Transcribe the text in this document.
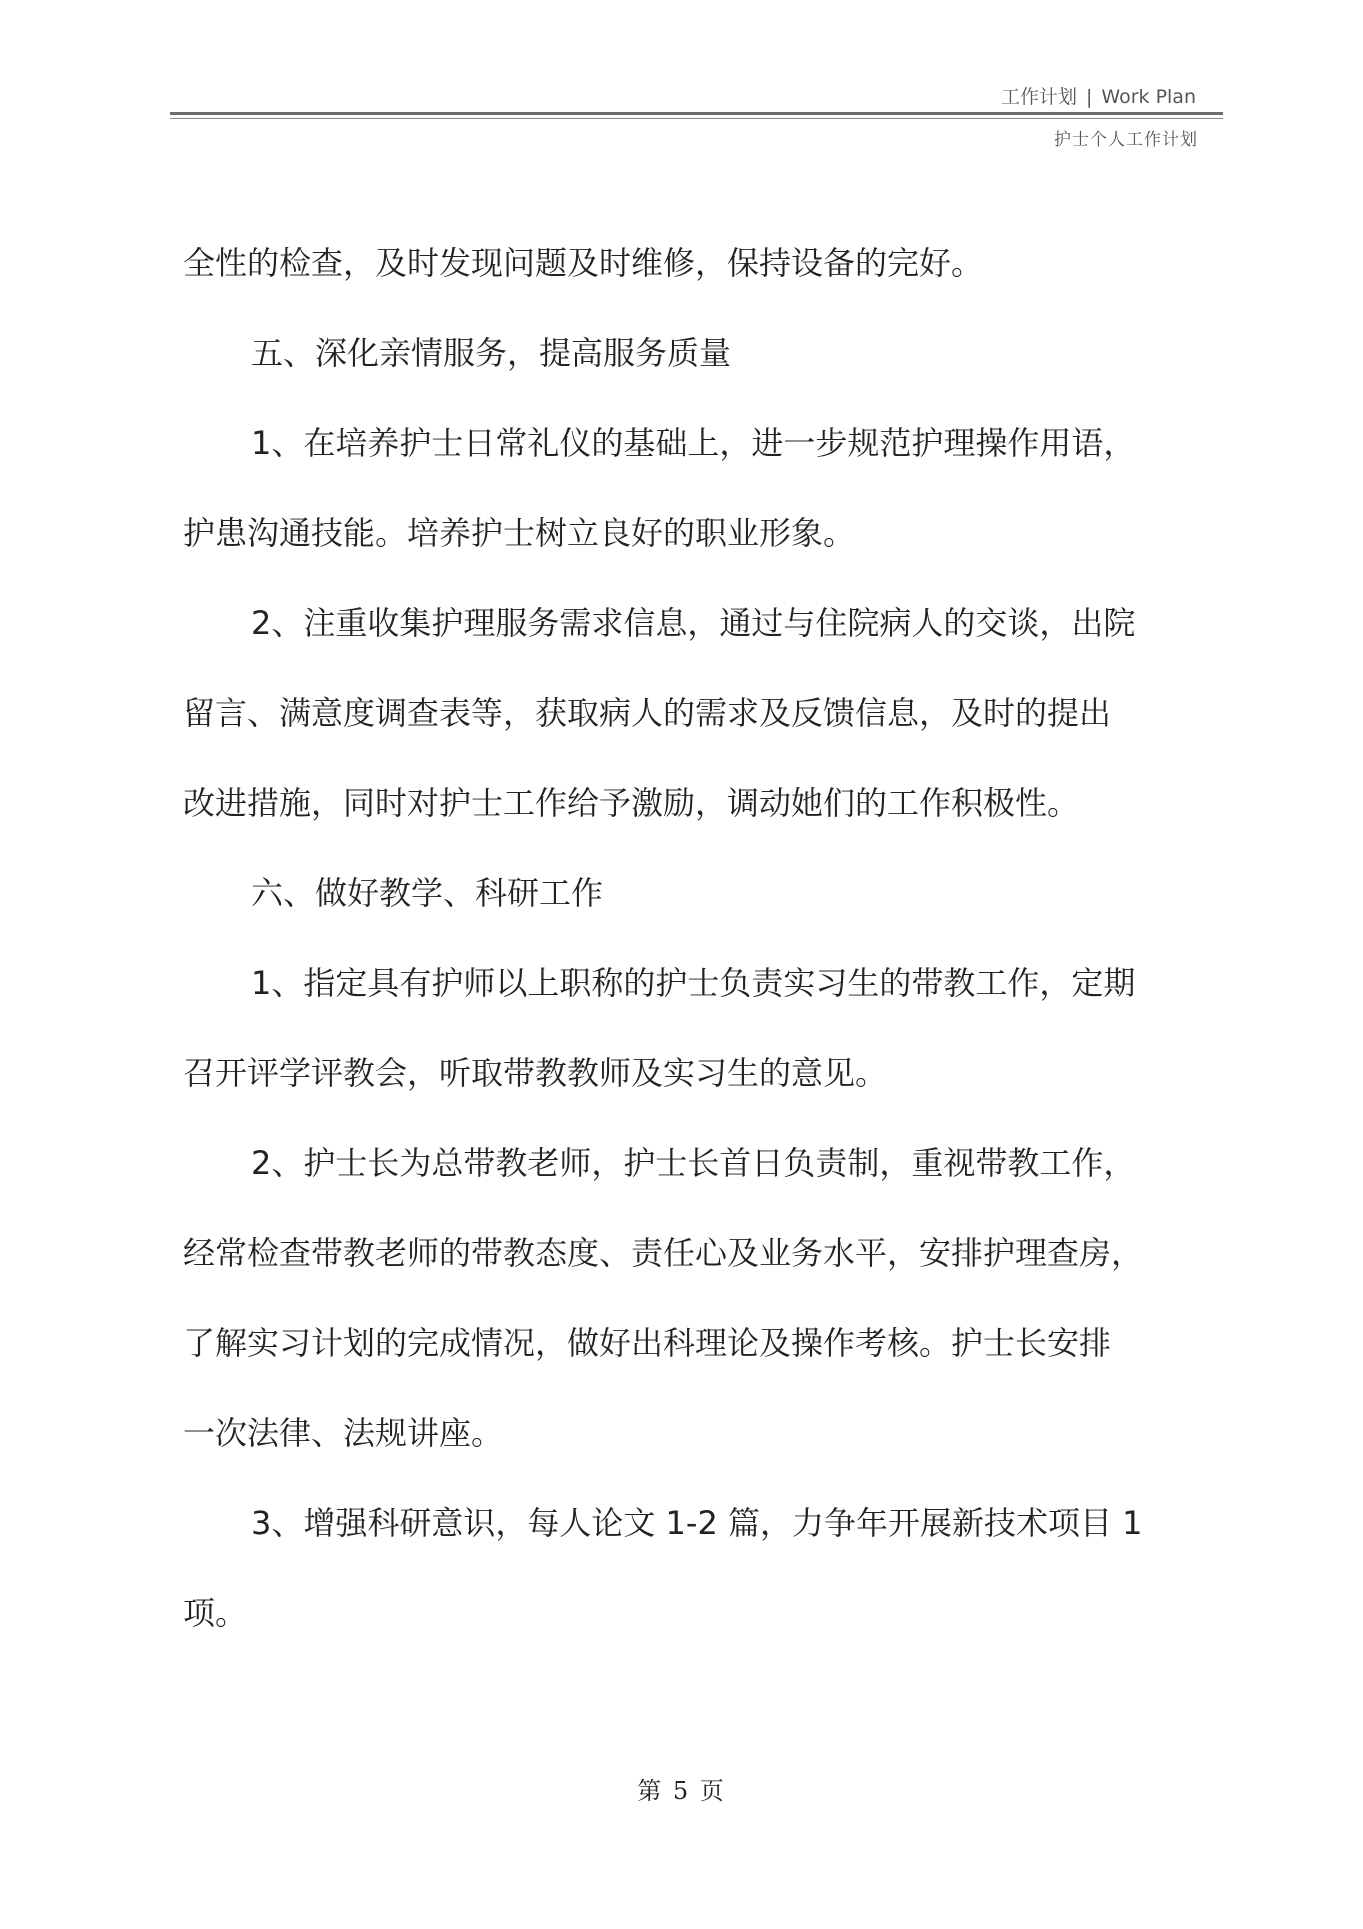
工作计划 | Work Plan
护士个人工作计划
全性的检查，及时发现问题及时维修，保持设备的完好。
五、深化亲情服务，提高服务质量
1、在培养护士日常礼仪的基础上，进一步规范护理操作用语，
护患沟通技能。培养护士树立良好的职业形象。
2、注重收集护理服务需求信息，通过与住院病人的交谈，出院
留言、满意度调查表等，获取病人的需求及反馈信息，及时的提出
改进措施，同时对护士工作给予激励，调动她们的工作积极性。
六、做好教学、科研工作
1、指定具有护师以上职称的护士负责实习生的带教工作，定期
召开评学评教会，听取带教教师及实习生的意见。
2、护士长为总带教老师，护士长首日负责制，重视带教工作，
经常检查带教老师的带教态度、责任心及业务水平，安排护理查房，
了解实习计划的完成情况，做好出科理论及操作考核。护士长安排
一次法律、法规讲座。
3、增强科研意识，每人论文 1-2 篇，力争年开展新技术项目 1
项。
第 5 页
